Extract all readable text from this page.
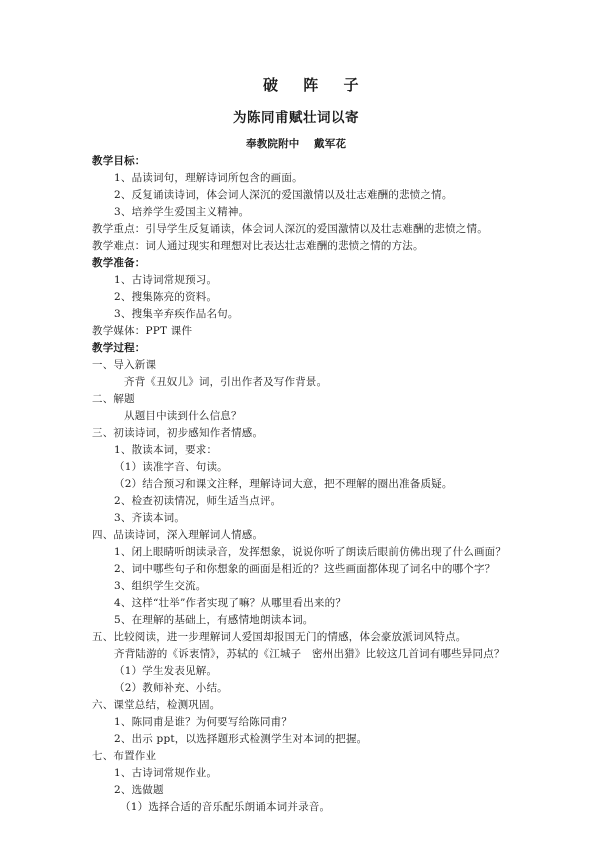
破 阵 子
为陈同甫赋壮词以寄
奉教院附中　 戴军花
教学目标：
1、品读词句，理解诗词所包含的画面。
2、反复诵读诗词，体会词人深沉的爱国激情以及壮志难酬的悲愤之情。
3、培养学生爱国主义精神。
教学重点：引导学生反复诵读，体会词人深沉的爱国激情以及壮志难酬的悲愤之情。
教学难点：词人通过现实和理想对比表达壮志难酬的悲愤之情的方法。
教学准备：
1、古诗词常规预习。
2、搜集陈亮的资料。
3、搜集辛弃疾作品名句。
教学媒体：PPT 课件
教学过程：
一、导入新课
齐背《丑奴儿》词，引出作者及写作背景。
二、解题
从题目中读到什么信息？
三、初读诗词，初步感知作者情感。
1、散读本词，要求：
（1）读准字音、句读。
（2）结合预习和课文注释，理解诗词大意，把不理解的圈出准备质疑。
2、检查初读情况，师生适当点评。
3、齐读本词。
四、品读诗词，深入理解词人情感。
1、闭上眼睛听朗读录音，发挥想象，说说你听了朗读后眼前仿佛出现了什么画面？
2、词中哪些句子和你想象的画面是相近的？这些画面都体现了词名中的哪个字？
3、组织学生交流。
4、这样“壮举”作者实现了嘛？从哪里看出来的？
5、在理解的基础上，有感情地朗读本词。
五、比较阅读，进一步理解词人爱国却报国无门的情感，体会豪放派词风特点。
齐背陆游的《诉衷情》，苏轼的《江城子　密州出猎》比较这几首词有哪些异同点？
（1）学生发表见解。
（2）教师补充、小结。
六、课堂总结，检测巩固。
1、陈同甫是谁？为何要写给陈同甫？
2、出示 ppt，以选择题形式检测学生对本词的把握。
七、布置作业
1、古诗词常规作业。
2、选做题
（1）选择合适的音乐配乐朗诵本词并录音。
